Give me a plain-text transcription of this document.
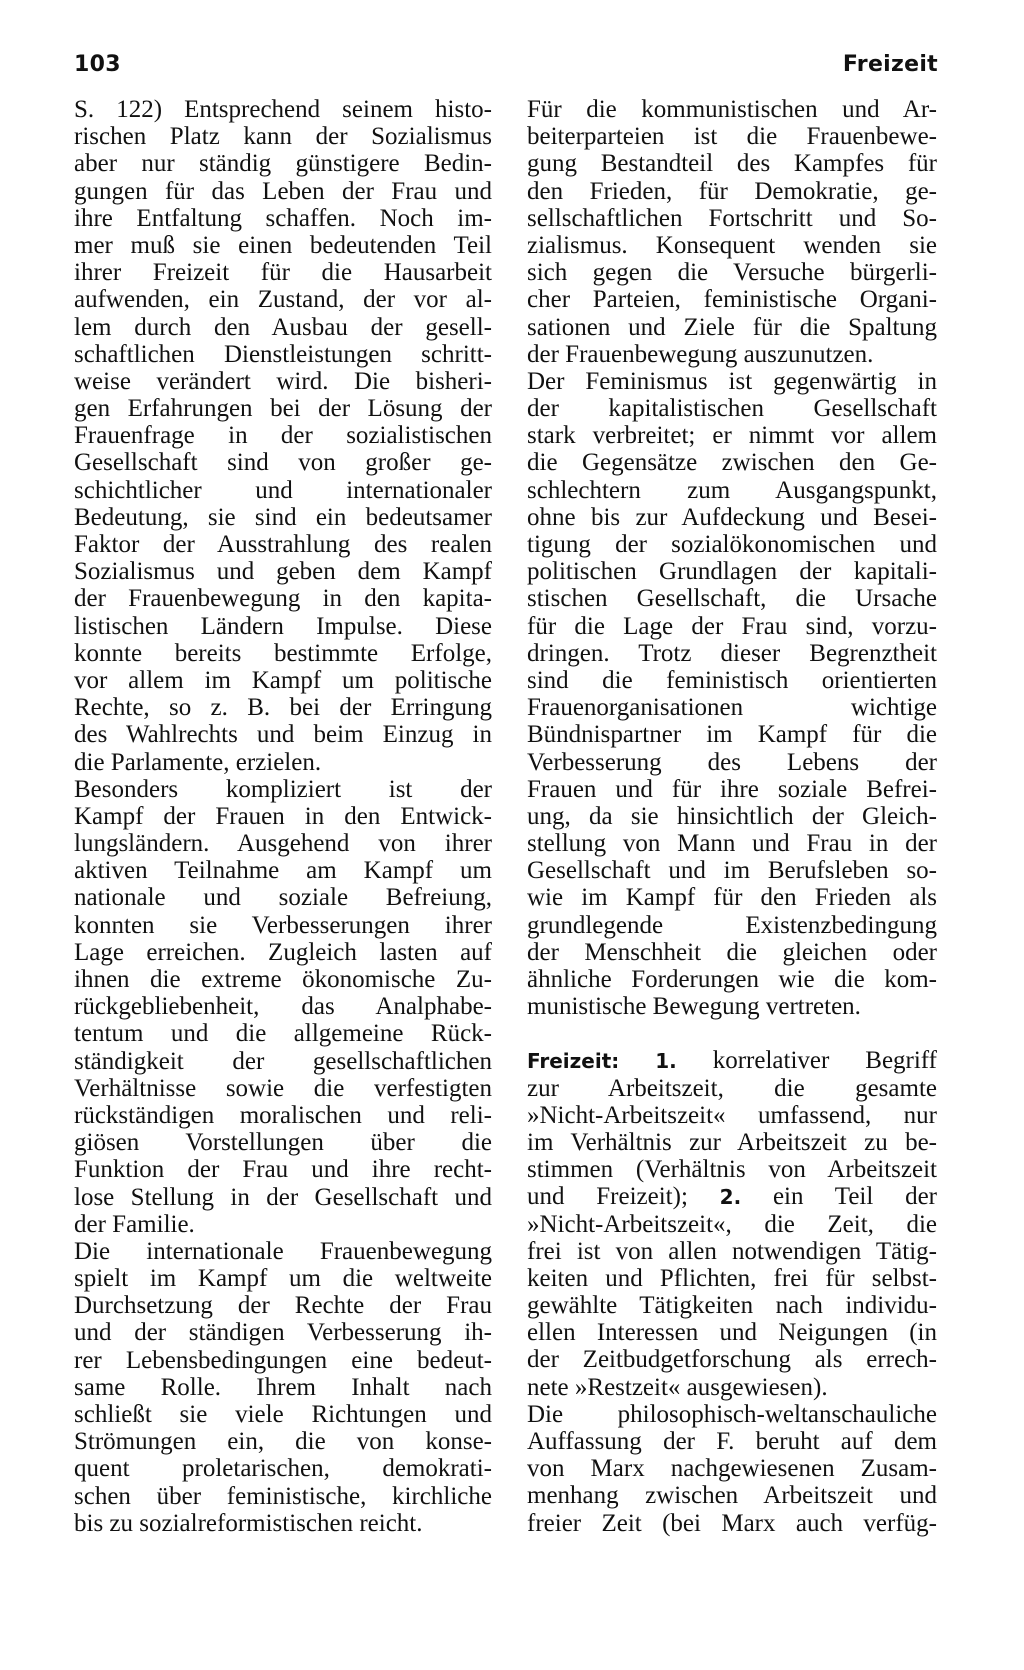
103	Freizeit
S. 122) Entsprechend seinem histo-
rischen Platz kann der Sozialismus
aber nur ständig günstigere Bedin-
gungen für das Leben der Frau und
ihre Entfaltung schaffen. Noch im-
mer muß sie einen bedeutenden Teil
ihrer Freizeit für die Hausarbeit
aufwenden, ein Zustand, der vor al-
lem durch den Ausbau der gesell-
schaftlichen Dienstleistungen schritt-
weise verändert wird. Die bisheri-
gen Erfahrungen bei der Lösung der
Frauenfrage in der sozialistischen
Gesellschaft sind von großer ge-
schichtlicher und internationaler
Bedeutung, sie sind ein bedeutsamer
Faktor der Ausstrahlung des realen
Sozialismus und geben dem Kampf
der Frauenbewegung in den kapita-
listischen Ländern Impulse. Diese
konnte bereits bestimmte Erfolge,
vor allem im Kampf um politische
Rechte, so z. B. bei der Erringung
des Wahlrechts und beim Einzug in
die Parlamente, erzielen.
Besonders kompliziert ist der
Kampf der Frauen in den Entwick-
lungsländern. Ausgehend von ihrer
aktiven Teilnahme am Kampf um
nationale und soziale Befreiung,
konnten sie Verbesserungen ihrer
Lage erreichen. Zugleich lasten auf
ihnen die extreme ökonomische Zu-
rückgebliebenheit, das Analphabe-
tentum und die allgemeine Rück-
ständigkeit der gesellschaftlichen
Verhältnisse sowie die verfestigten
rückständigen moralischen und reli-
giösen Vorstellungen über die
Funktion der Frau und ihre recht-
lose Stellung in der Gesellschaft und
der Familie.
Die internationale Frauenbewegung
spielt im Kampf um die weltweite
Durchsetzung der Rechte der Frau
und der ständigen Verbesserung ih-
rer Lebensbedingungen eine bedeut-
same Rolle. Ihrem Inhalt nach
schließt sie viele Richtungen und
Strömungen ein, die von konse-
quent proletarischen, demokrati-
schen über feministische, kirchliche
bis zu sozialreformistischen reicht.
Für die kommunistischen und Ar-
beiterparteien ist die Frauenbewe-
gung Bestandteil des Kampfes für
den Frieden, für Demokratie, ge-
sellschaftlichen Fortschritt und So-
zialismus. Konsequent wenden sie
sich gegen die Versuche bürgerli-
cher Parteien, feministische Organi-
sationen und Ziele für die Spaltung
der Frauenbewegung auszunutzen.
Der Feminismus ist gegenwärtig in
der kapitalistischen Gesellschaft
stark verbreitet; er nimmt vor allem
die Gegensätze zwischen den Ge-
schlechtern zum Ausgangspunkt,
ohne bis zur Aufdeckung und Besei-
tigung der sozialökonomischen und
politischen Grundlagen der kapitali-
stischen Gesellschaft, die Ursache
für die Lage der Frau sind, vorzu-
dringen. Trotz dieser Begrenztheit
sind die feministisch orientierten
Frauenorganisationen wichtige
Bündnispartner im Kampf für die
Verbesserung des Lebens der
Frauen und für ihre soziale Befrei-
ung, da sie hinsichtlich der Gleich-
stellung von Mann und Frau in der
Gesellschaft und im Berufsleben so-
wie im Kampf für den Frieden als
grundlegende Existenzbedingung
der Menschheit die gleichen oder
ähnliche Forderungen wie die kom-
munistische Bewegung vertreten.
Freizeit: 1. korrelativer Begriff
zur Arbeitszeit, die gesamte
»Nicht-Arbeitszeit« umfassend, nur
im Verhältnis zur Arbeitszeit zu be-
stimmen (Verhältnis von Arbeitszeit
und Freizeit); 2. ein Teil der
»Nicht-Arbeitszeit«, die Zeit, die
frei ist von allen notwendigen Tätig-
keiten und Pflichten, frei für selbst-
gewählte Tätigkeiten nach individu-
ellen Interessen und Neigungen (in
der Zeitbudgetforschung als errech-
nete »Restzeit« ausgewiesen).
Die philosophisch-weltanschauliche
Auffassung der F. beruht auf dem
von Marx nachgewiesenen Zusam-
menhang zwischen Arbeitszeit und
freier Zeit (bei Marx auch verfüg-
